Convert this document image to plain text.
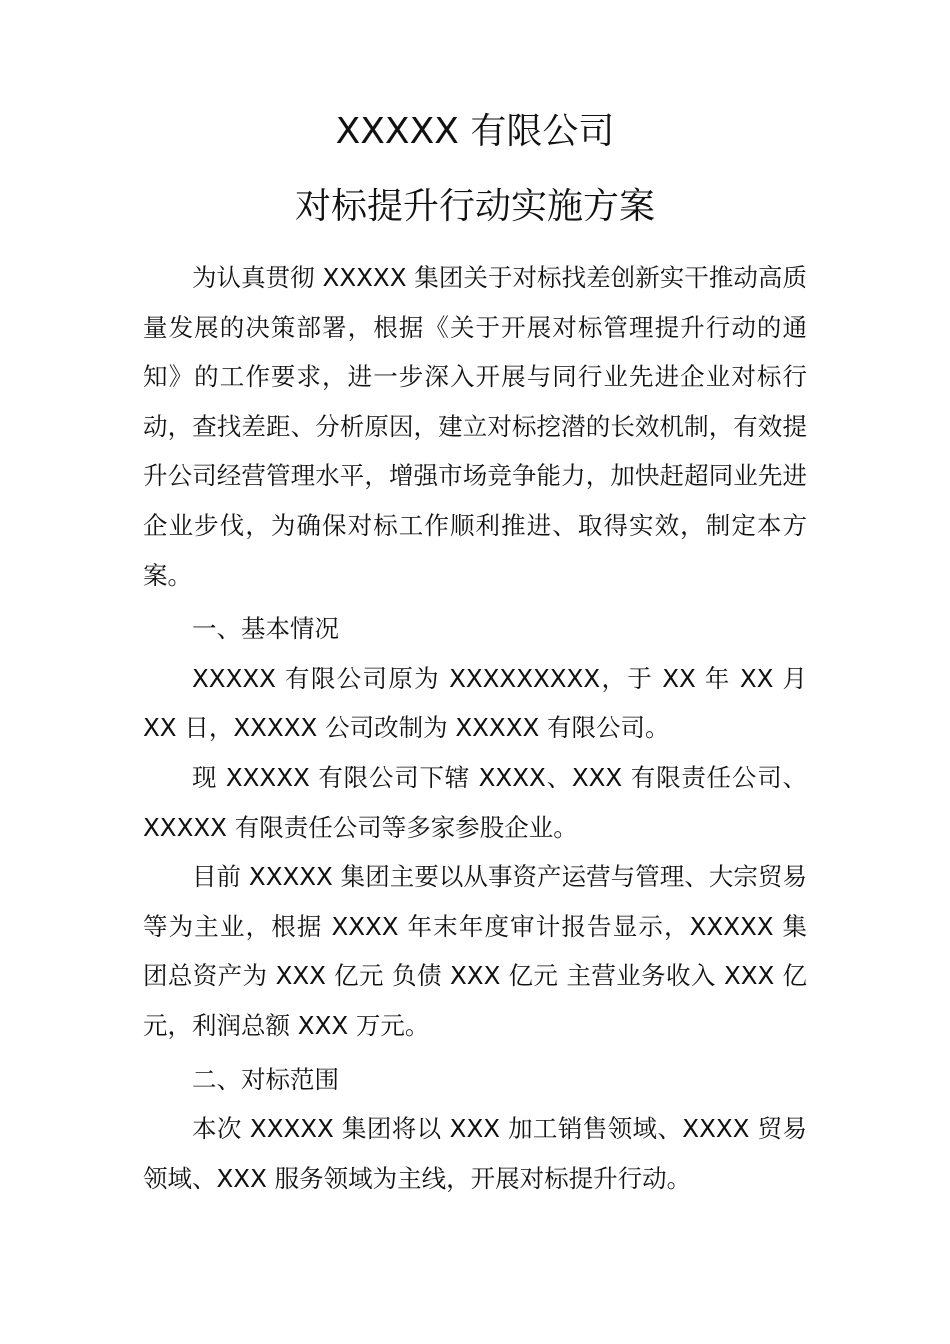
XXXXX 有限公司
对标提升行动实施方案

为认真贯彻 XXXXX 集团关于对标找差创新实干推动高质量发展的决策部署，根据《关于开展对标管理提升行动的通知》的工作要求，进一步深入开展与同行业先进企业对标行动，查找差距、分析原因，建立对标挖潜的长效机制，有效提升公司经营管理水平，增强市场竞争能力，加快赶超同业先进企业步伐，为确保对标工作顺利推进、取得实效，制定本方案。

一、基本情况

XXXXX 有限公司原为 XXXXXXXXX，于 XX 年 XX 月 XX 日，XXXXX 公司改制为 XXXXX 有限公司。

现 XXXXX 有限公司下辖 XXXX、XXX 有限责任公司、XXXXX 有限责任公司等多家参股企业。

目前 XXXXX 集团主要以从事资产运营与管理、大宗贸易等为主业，根据 XXXX 年末年度审计报告显示，XXXXX 集团总资产为 XXX 亿元 负债 XXX 亿元 主营业务收入 XXX 亿元，利润总额 XXX 万元。

二、对标范围

本次 XXXXX 集团将以 XXX 加工销售领域、XXXX 贸易领域、XXX 服务领域为主线，开展对标提升行动。
